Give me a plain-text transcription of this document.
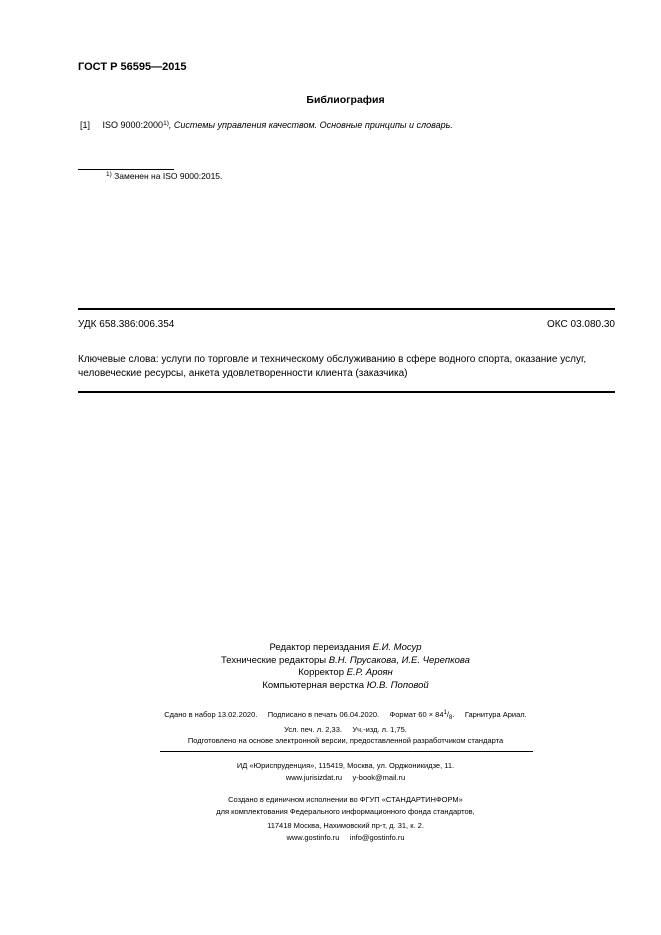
ГОСТ Р 56595—2015
Библиография
[1] ISO 9000:2000$^{1)}$, Системы управления качеством. Основные принципы и словарь.
$^{1)}$ Заменен на ISO 9000:2015.
УДК 658.386:006.354	ОКС 03.080.30
Ключевые слова: услуги по торговле и техническому обслуживанию в сфере водного спорта, оказание услуг, человеческие ресурсы, анкета удовлетворенности клиента (заказчика)
Редактор переиздания Е.И. Мосур
Технические редакторы В.Н. Прусакова, И.Е. Черепкова
Корректор Е.Р. Ароян
Компьютерная верстка Ю.В. Поповой
Сдано в набор 13.02.2020. Подписано в печать 06.04.2020. Формат $60 \times 84^1/_8$. Гарнитура Ариал.
Усл. печ. л. 2,33. Уч.-изд. л. 1,75.
Подготовлено на основе электронной версии, предоставленной разработчиком стандарта
ИД «Юриспруденция», 115419, Москва, ул. Орджоникидзе, 11.
www.jurisizdat.ru     y-book@mail.ru
Создано в единичном исполнении во ФГУП «СТАНДАРТИНФОРМ»
для комплектования Федерального информационного фонда стандартов,
117418 Москва, Нахимовский пр-т, д. 31, к. 2.
www.gostinfo.ru     info@gostinfo.ru
